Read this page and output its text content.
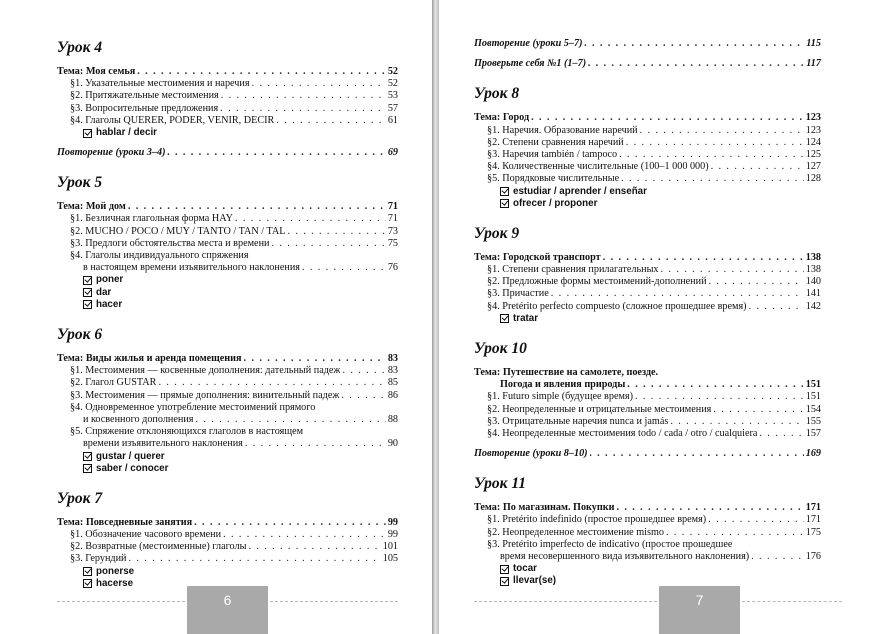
Урок 4
Тема: Моя семья . . .	52
§1. Указательные местоимения и наречия . . .	52
§2. Притяжательные местоимения . . .	53
§3. Вопросительные предложения . . .	57
§4. Глаголы QUERER, PODER, VENIR, DECIR . . .	61
hablar / decir
Повторение (уроки 3–4) . . .	69
Урок 5
Тема: Мой дом . . .	71
§1. Безличная глагольная форма HAY . . .	71
§2. MUCHO / POCO / MUY / TANTO / TAN / TAL . . .	73
§3. Предлоги обстоятельства места и времени . . .	75
§4. Глаголы индивидуального спряжения
в настоящем времени изъявительного наклонения . . .	76
poner
dar
hacer
Урок 6
Тема: Виды жилья и аренда помещения . . .	83
§1. Местоимения — косвенные дополнения: дательный падеж . . .	83
§2. Глагол GUSTAR . . .	85
§3. Местоимения — прямые дополнения: винительный падеж . . .	86
§4. Одновременное употребление местоимений прямого
и косвенного дополнения . . .	88
§5. Спряжение отклоняющихся глаголов в настоящем
времени изъявительного наклонения . . .	90
gustar / querer
saber / conocer
Урок 7
Тема: Повседневные занятия . . .	99
§1. Обозначение часового времени . . .	99
§2. Возвратные (местоименные) глаголы . . .	101
§3. Герундий . . .	105
ponerse
hacerse
6
Повторение (уроки 5–7) . . .	115
Проверьте себя №1 (1–7) . . .	117
Урок 8
Тема: Город . . .	123
§1. Наречия. Образование наречий . . .	123
§2. Степени сравнения наречий . . .	124
§3. Наречия también / tampoco . . .	125
§4. Количественные числительные (100–1 000 000) . . .	127
§5. Порядковые числительные . . .	128
estudiar / aprender / enseñar
ofrecer / proponer
Урок 9
Тема: Городской транспорт . . .	138
§1. Степени сравнения прилагательных . . .	138
§2. Предложные формы местоимений-дополнений . . .	140
§3. Причастие . . .	141
§4. Pretérito perfecto compuesto (сложное прошедшее время) . . .	142
tratar
Урок 10
Тема: Путешествие на самолете, поезде.
Погода и явления природы . . .	151
§1. Futuro simple (будущее время) . . .	151
§2. Неопределенные и отрицательные местоимения . . .	154
§3. Отрицательные наречия nunca и jamás . . .	155
§4. Неопределенные местоимения todo / cada / otro / cualquiera . . .	157
Повторение (уроки 8–10) . . .	169
Урок 11
Тема: По магазинам. Покупки . . .	171
§1. Pretérito indefinido (простое прошедшее время) . . .	171
§2. Неопределенное местоимение mismo . . .	175
§3. Pretérito imperfecto de indicativo (простое прошедшее
время несовершенного вида изъявительного наклонения) . . .	176
tocar
llevar(se)
7
